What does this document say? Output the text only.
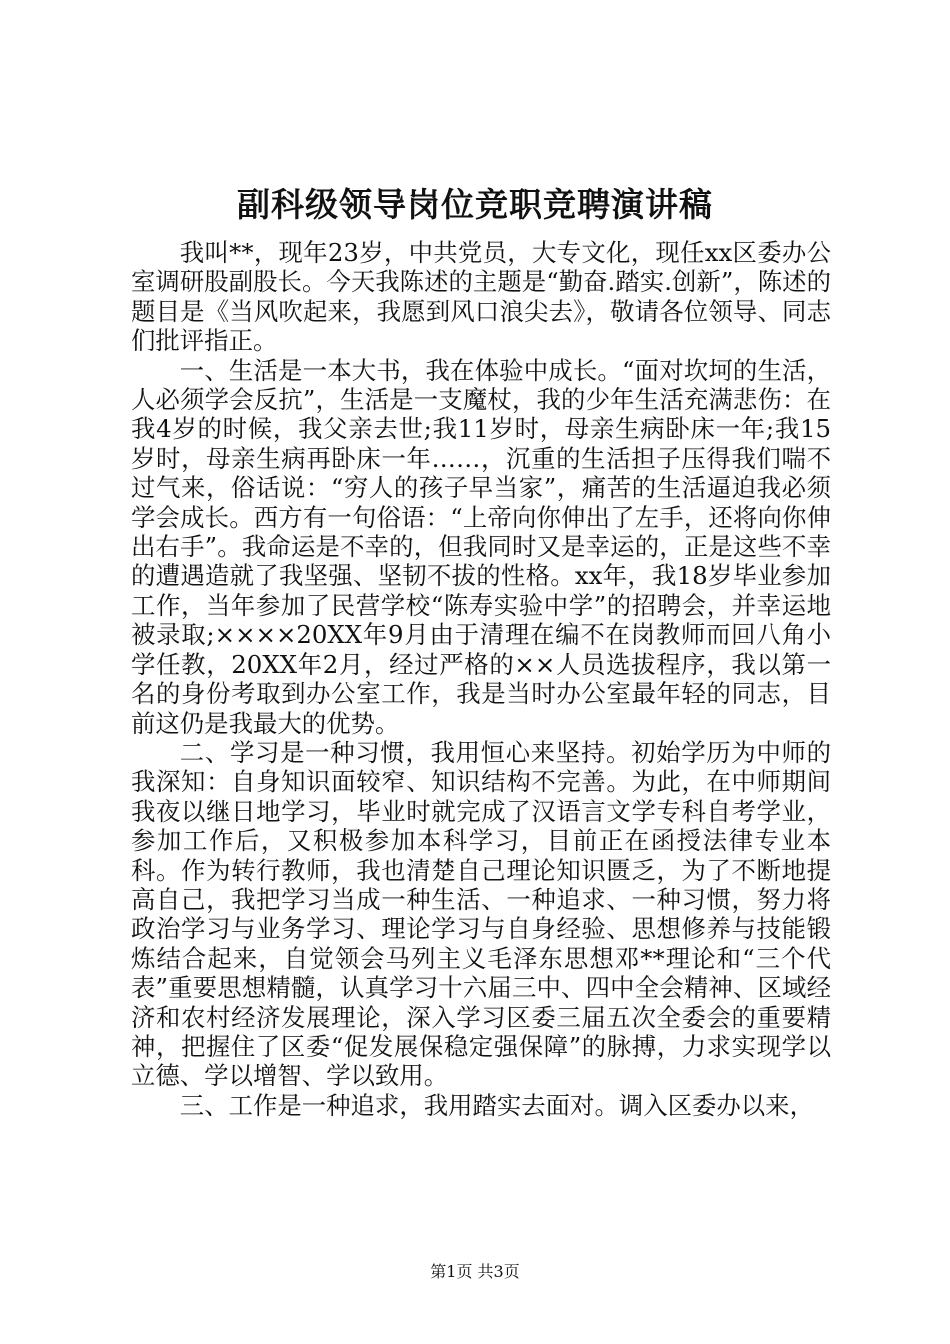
副科级领导岗位竞职竞聘演讲稿

我叫**，现年23岁，中共党员，大专文化，现任xx区委办公室调研股副股长。今天我陈述的主题是“勤奋.踏实.创新”，陈述的题目是《当风吹起来，我愿到风口浪尖去》，敬请各位领导、同志们批评指正。

一、生活是一本大书，我在体验中成长。“面对坎坷的生活，人必须学会反抗”，生活是一支魔杖，我的少年生活充满悲伤：在我4岁的时候，我父亲去世;我11岁时，母亲生病卧床一年;我15岁时，母亲生病再卧床一年……，沉重的生活担子压得我们喘不过气来，俗话说：“穷人的孩子早当家”，痛苦的生活逼迫我必须学会成长。西方有一句俗语：“上帝向你伸出了左手，还将向你伸出右手”。我命运是不幸的，但我同时又是幸运的，正是这些不幸的遭遇造就了我坚强、坚韧不拔的性格。xx年，我18岁毕业参加工作，当年参加了民营学校“陈寿实验中学”的招聘会，并幸运地被录取;××××20XX年9月由于清理在编不在岗教师而回八角小学任教，20XX年2月，经过严格的××人员选拔程序，我以第一名的身份考取到办公室工作，我是当时办公室最年轻的同志，目前这仍是我最大的优势。

二、学习是一种习惯，我用恒心来坚持。初始学历为中师的我深知：自身知识面较窄、知识结构不完善。为此，在中师期间我夜以继日地学习，毕业时就完成了汉语言文学专科自考学业，参加工作后，又积极参加本科学习，目前正在函授法律专业本科。作为转行教师，我也清楚自己理论知识匮乏，为了不断地提高自己，我把学习当成一种生活、一种追求、一种习惯，努力将政治学习与业务学习、理论学习与自身经验、思想修养与技能锻炼结合起来，自觉领会马列主义毛泽东思想邓**理论和“三个代表”重要思想精髓，认真学习十六届三中、四中全会精神、区域经济和农村经济发展理论，深入学习区委三届五次全委会的重要精神，把握住了区委“促发展保稳定强保障”的脉搏，力求实现学以立德、学以增智、学以致用。

三、工作是一种追求，我用踏实去面对。调入区委办以来，

第1页 共3页
